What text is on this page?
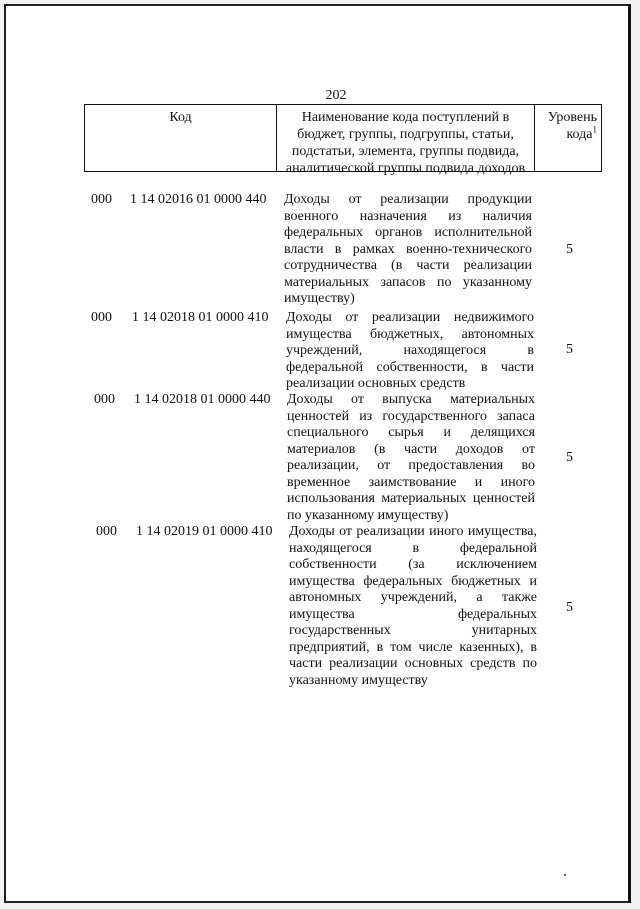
202
Код	Наименование кода поступлений в
бюджет, группы, подгруппы, статьи,
подстатьи, элемента, группы подвида,
аналитической группы подвида доходов
Уровень
кода$^1$
000 1 14 02016 01 0000 440 Доходы от реализации продукции
военного назначения из наличия
федеральных органов исполнительной
власти в рамках военно-технического
сотрудничества (в части реализации
материальных запасов по указанному
имуществу)
5
000 1 14 02018 01 0000 410 Доходы от реализации недвижимого
имущества бюджетных, автономных
учреждений, находящегося в
федеральной собственности, в части
реализации основных средств
5
000 1 14 02018 01 0000 440 Доходы от выпуска материальных
ценностей из государственного запаса
специального сырья и делящихся
материалов (в части доходов от
реализации, от предоставления во
временное заимствование и иного
использования материальных ценностей
по указанному имуществу)
5
000 1 14 02019 01 0000 410 Доходы от реализации иного имущества,
находящегося в федеральной
собственности (за исключением
имущества федеральных бюджетных и
автономных учреждений, а также
имущества федеральных
государственных унитарных
предприятий, в том числе казенных), в
части реализации основных средств по
указанному имуществу
5
